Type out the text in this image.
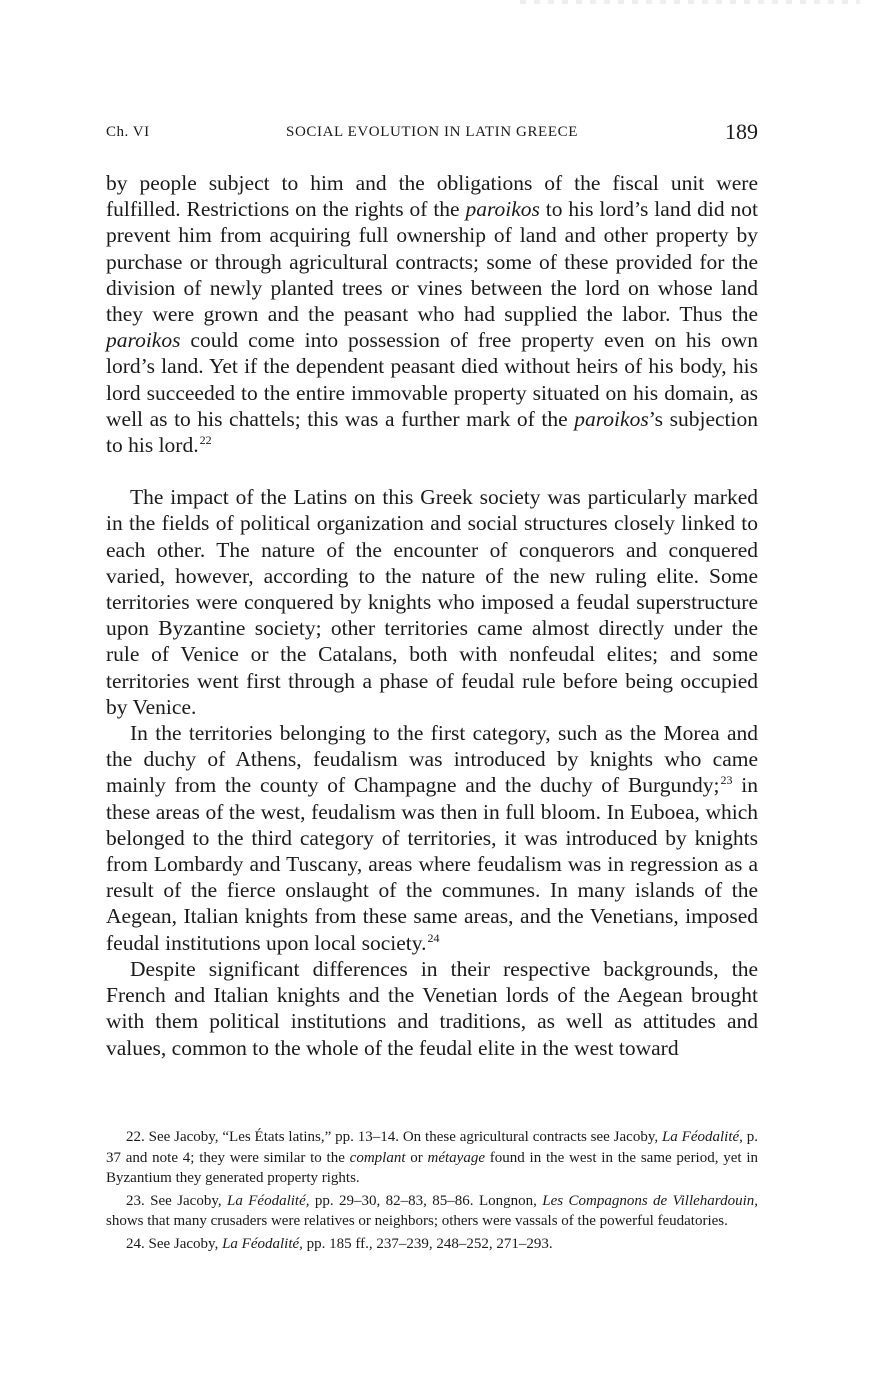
Ch. VI	SOCIAL EVOLUTION IN LATIN GREECE	189

by people subject to him and the obligations of the fiscal unit were fulfilled. Restrictions on the rights of the paroikos to his lord’s land did not prevent him from acquiring full ownership of land and other property by purchase or through agricultural contracts; some of these provided for the division of newly planted trees or vines between the lord on whose land they were grown and the peasant who had supplied the labor. Thus the paroikos could come into possession of free property even on his own lord’s land. Yet if the dependent peasant died without heirs of his body, his lord succeeded to the entire immovable property situated on his domain, as well as to his chattels; this was a further mark of the paroikos’s subjection to his lord.$^{22}$

The impact of the Latins on this Greek society was particularly marked in the fields of political organization and social structures closely linked to each other. The nature of the encounter of conquerors and conquered varied, however, according to the nature of the new ruling elite. Some territories were conquered by knights who imposed a feudal superstructure upon Byzantine society; other territories came almost directly under the rule of Venice or the Catalans, both with nonfeudal elites; and some territories went first through a phase of feudal rule before being occupied by Venice.

In the territories belonging to the first category, such as the Morea and the duchy of Athens, feudalism was introduced by knights who came mainly from the county of Champagne and the duchy of Burgundy;$^{23}$ in these areas of the west, feudalism was then in full bloom. In Euboea, which belonged to the third category of territories, it was introduced by knights from Lombardy and Tuscany, areas where feudalism was in regression as a result of the fierce onslaught of the communes. In many islands of the Aegean, Italian knights from these same areas, and the Venetians, imposed feudal institutions upon local society.$^{24}$

Despite significant differences in their respective backgrounds, the French and Italian knights and the Venetian lords of the Aegean brought with them political institutions and traditions, as well as attitudes and values, common to the whole of the feudal elite in the west toward

22. See Jacoby, “Les États latins,” pp. 13–14. On these agricultural contracts see Jacoby, La Féodalité, p. 37 and note 4; they were similar to the complant or métayage found in the west in the same period, yet in Byzantium they generated property rights.

23. See Jacoby, La Féodalité, pp. 29–30, 82–83, 85–86. Longnon, Les Compagnons de Villehardouin, shows that many crusaders were relatives or neighbors; others were vassals of the powerful feudatories.

24. See Jacoby, La Féodalité, pp. 185 ff., 237–239, 248–252, 271–293.
